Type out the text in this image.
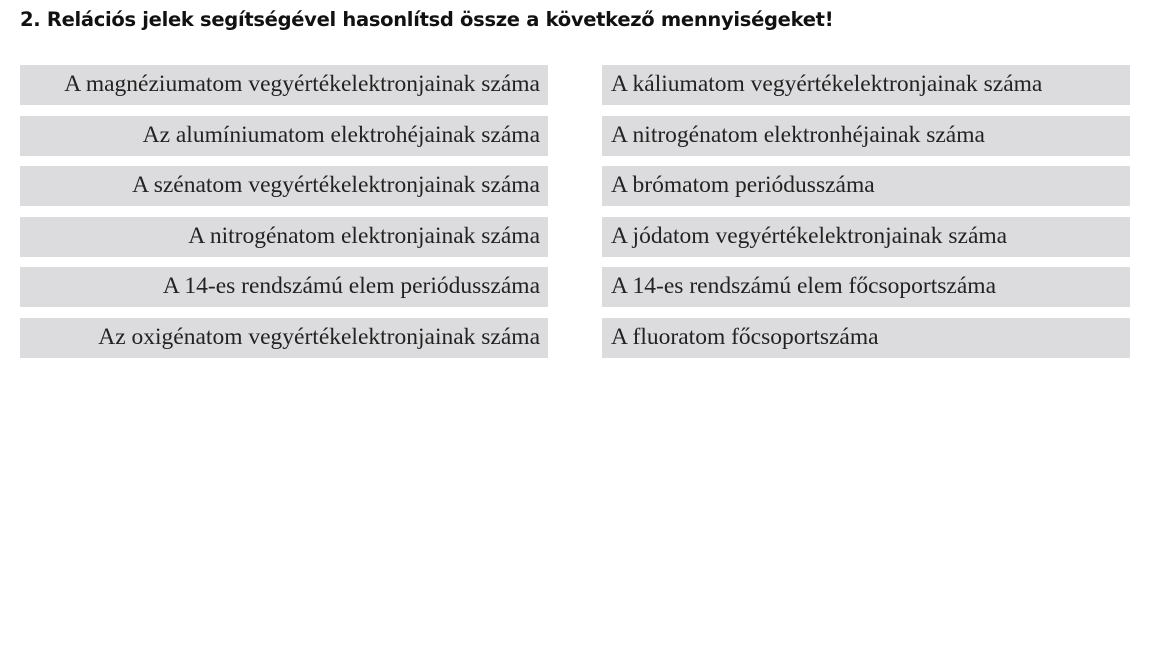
2. Relációs jelek segítségével hasonlítsd össze a következő mennyiségeket!
A magnéziumatom vegyértékelektronjainak száma	A káliumatom vegyértékelektronjainak száma
Az alumíniumatom elektrohéjainak száma	A nitrogénatom elektronhéjainak száma
A szénatom vegyértékelektronjainak száma	A brómatom periódusszáma
A nitrogénatom elektronjainak száma	A jódatom vegyértékelektronjainak száma
A 14-es rendszámú elem periódusszáma	A 14-es rendszámú elem főcsoportszáma
Az oxigénatom vegyértékelektronjainak száma	A fluoratom főcsoportszáma
